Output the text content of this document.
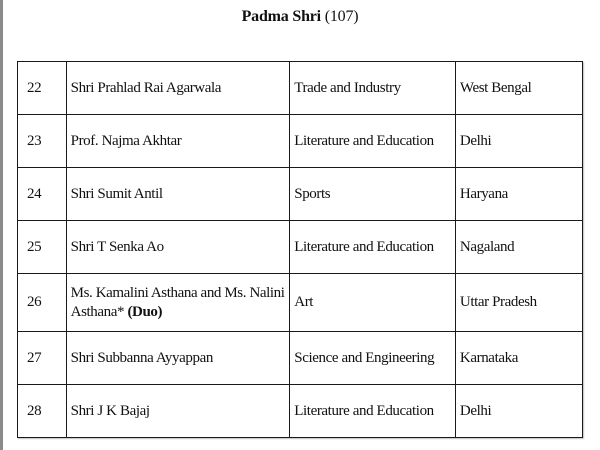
Padma Shri (107)
22	Shri Prahlad Rai Agarwala	Trade and Industry	West Bengal
23	Prof. Najma Akhtar	Literature and Education	Delhi
24	Shri Sumit Antil	Sports	Haryana
25	Shri T Senka Ao	Literature and Education	Nagaland
26	Ms. Kamalini Asthana and Ms. Nalini Asthana* (Duo)	Art	Uttar Pradesh
27	Shri Subbanna Ayyappan	Science and Engineering	Karnataka
28	Shri J K Bajaj	Literature and Education	Delhi
